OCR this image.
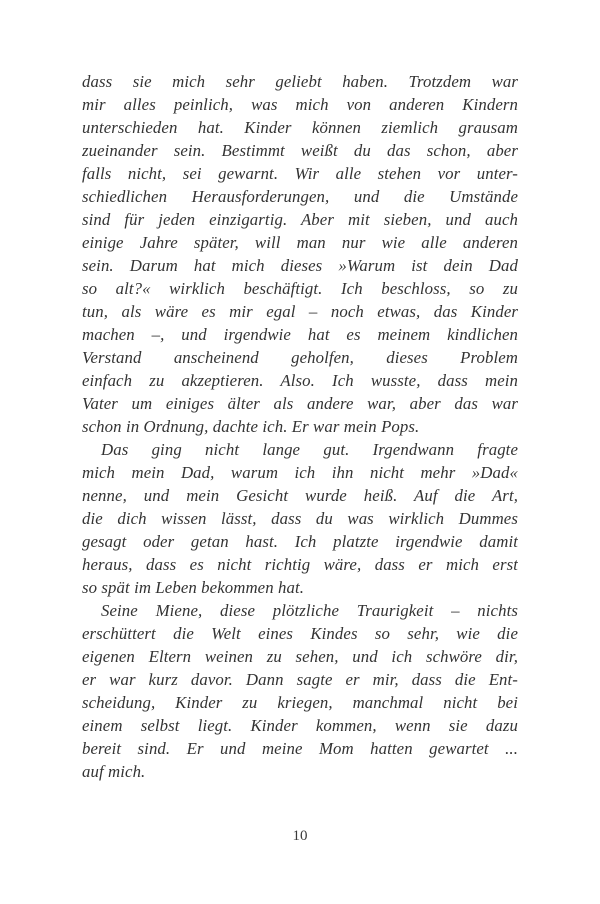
dass sie mich sehr geliebt haben. Trotzdem war
mir alles peinlich, was mich von anderen Kindern
unterschieden hat. Kinder können ziemlich grausam
zueinander sein. Bestimmt weißt du das schon, aber
falls nicht, sei gewarnt. Wir alle stehen vor unter-
schiedlichen Herausforderungen, und die Umstände
sind für jeden einzigartig. Aber mit sieben, und auch
einige Jahre später, will man nur wie alle anderen
sein. Darum hat mich dieses »Warum ist dein Dad
so alt?« wirklich beschäftigt. Ich beschloss, so zu
tun, als wäre es mir egal – noch etwas, das Kinder
machen –, und irgendwie hat es meinem kindlichen
Verstand anscheinend geholfen, dieses Problem
einfach zu akzeptieren. Also. Ich wusste, dass mein
Vater um einiges älter als andere war, aber das war
schon in Ordnung, dachte ich. Er war mein Pops.
Das ging nicht lange gut. Irgendwann fragte
mich mein Dad, warum ich ihn nicht mehr »Dad«
nenne, und mein Gesicht wurde heiß. Auf die Art,
die dich wissen lässt, dass du was wirklich Dummes
gesagt oder getan hast. Ich platzte irgendwie damit
heraus, dass es nicht richtig wäre, dass er mich erst
so spät im Leben bekommen hat.
Seine Miene, diese plötzliche Traurigkeit – nichts
erschüttert die Welt eines Kindes so sehr, wie die
eigenen Eltern weinen zu sehen, und ich schwöre dir,
er war kurz davor. Dann sagte er mir, dass die Ent-
scheidung, Kinder zu kriegen, manchmal nicht bei
einem selbst liegt. Kinder kommen, wenn sie dazu
bereit sind. Er und meine Mom hatten gewartet ...
auf mich.
10
